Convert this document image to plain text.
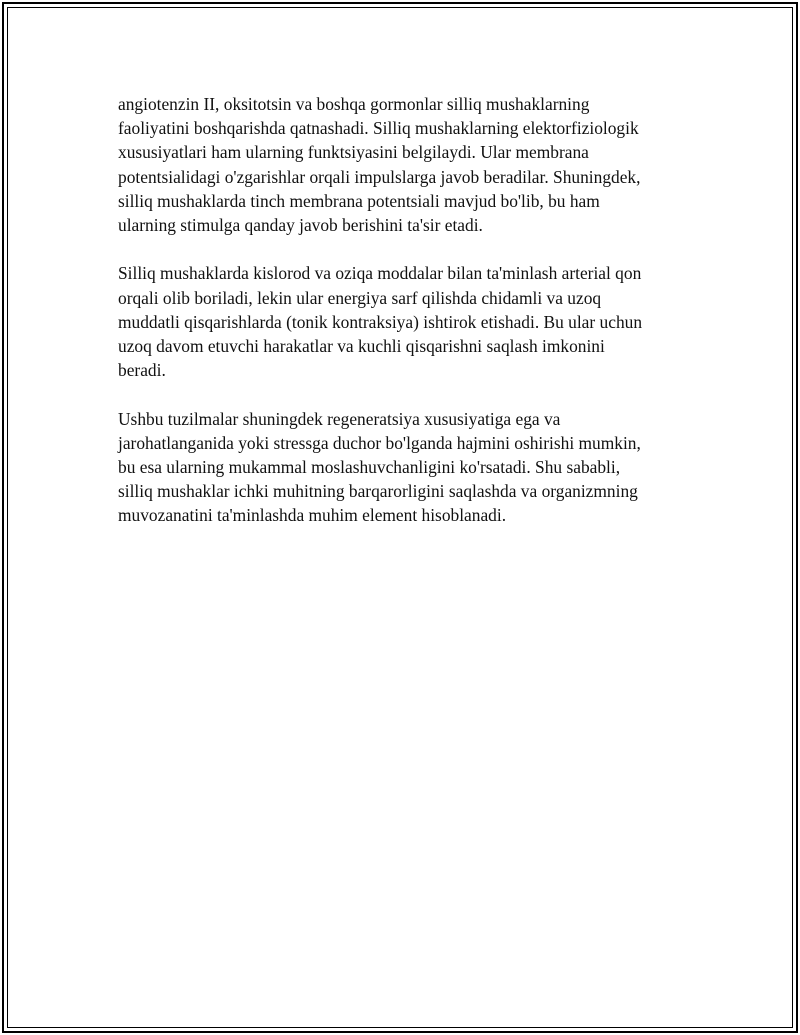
angiotenzin II, oksitotsin va boshqa gormonlar silliq mushaklarning
faoliyatini boshqarishda qatnashadi. Silliq mushaklarning elektorfiziologik
xususiyatlari ham ularning funktsiyasini belgilaydi. Ular membrana
potentsialidagi o'zgarishlar orqali impulslarga javob beradilar. Shuningdek,
silliq mushaklarda tinch membrana potentsiali mavjud bo'lib, bu ham
ularning stimulga qanday javob berishini ta'sir etadi.

Silliq mushaklarda kislorod va oziqa moddalar bilan ta'minlash arterial qon
orqali olib boriladi, lekin ular energiya sarf qilishda chidamli va uzoq
muddatli qisqarishlarda (tonik kontraksiya) ishtirok etishadi. Bu ular uchun
uzoq davom etuvchi harakatlar va kuchli qisqarishni saqlash imkonini
beradi.

Ushbu tuzilmalar shuningdek regeneratsiya xususiyatiga ega va
jarohatlanganida yoki stressga duchor bo'lganda hajmini oshirishi mumkin,
bu esa ularning mukammal moslashuvchanligini ko'rsatadi. Shu sababli,
silliq mushaklar ichki muhitning barqarorligini saqlashda va organizmning
muvozanatini ta'minlashda muhim element hisoblanadi.
